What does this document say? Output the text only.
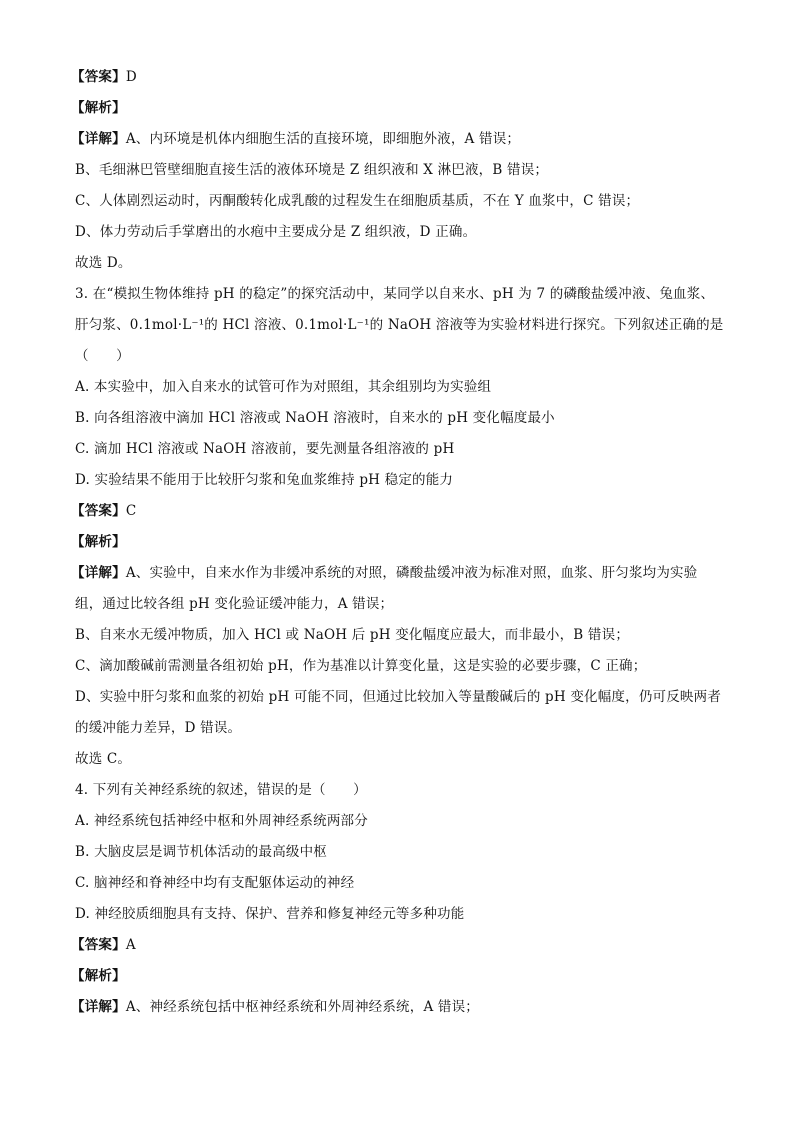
【答案】D
【解析】
【详解】A、内环境是机体内细胞生活的直接环境，即细胞外液，A 错误；
B、毛细淋巴管壁细胞直接生活的液体环境是 Z 组织液和 X 淋巴液，B 错误；
C、人体剧烈运动时，丙酮酸转化成乳酸的过程发生在细胞质基质，不在 Y 血浆中，C 错误；
D、体力劳动后手掌磨出的水疱中主要成分是 Z 组织液，D 正确。
故选 D。
3. 在“模拟生物体维持 pH 的稳定”的探究活动中，某同学以自来水、pH 为 7 的磷酸盐缓冲液、兔血浆、
肝匀浆、0.1mol·L⁻¹的 HCl 溶液、0.1mol·L⁻¹的 NaOH 溶液等为实验材料进行探究。下列叙述正确的是
（　　）
A. 本实验中，加入自来水的试管可作为对照组，其余组别均为实验组
B. 向各组溶液中滴加 HCl 溶液或 NaOH 溶液时，自来水的 pH 变化幅度最小
C. 滴加 HCl 溶液或 NaOH 溶液前，要先测量各组溶液的 pH
D. 实验结果不能用于比较肝匀浆和兔血浆维持 pH 稳定的能力
【答案】C
【解析】
【详解】A、实验中，自来水作为非缓冲系统的对照，磷酸盐缓冲液为标准对照，血浆、肝匀浆均为实验
组，通过比较各组 pH 变化验证缓冲能力，A 错误；
B、自来水无缓冲物质，加入 HCl 或 NaOH 后 pH 变化幅度应最大，而非最小，B 错误；
C、滴加酸碱前需测量各组初始 pH，作为基准以计算变化量，这是实验的必要步骤，C 正确；
D、实验中肝匀浆和血浆的初始 pH 可能不同，但通过比较加入等量酸碱后的 pH 变化幅度，仍可反映两者
的缓冲能力差异，D 错误。
故选 C。
4. 下列有关神经系统的叙述，错误的是（　　）
A. 神经系统包括神经中枢和外周神经系统两部分
B. 大脑皮层是调节机体活动的最高级中枢
C. 脑神经和脊神经中均有支配躯体运动的神经
D. 神经胶质细胞具有支持、保护、营养和修复神经元等多种功能
【答案】A
【解析】
【详解】A、神经系统包括中枢神经系统和外周神经系统，A 错误；
